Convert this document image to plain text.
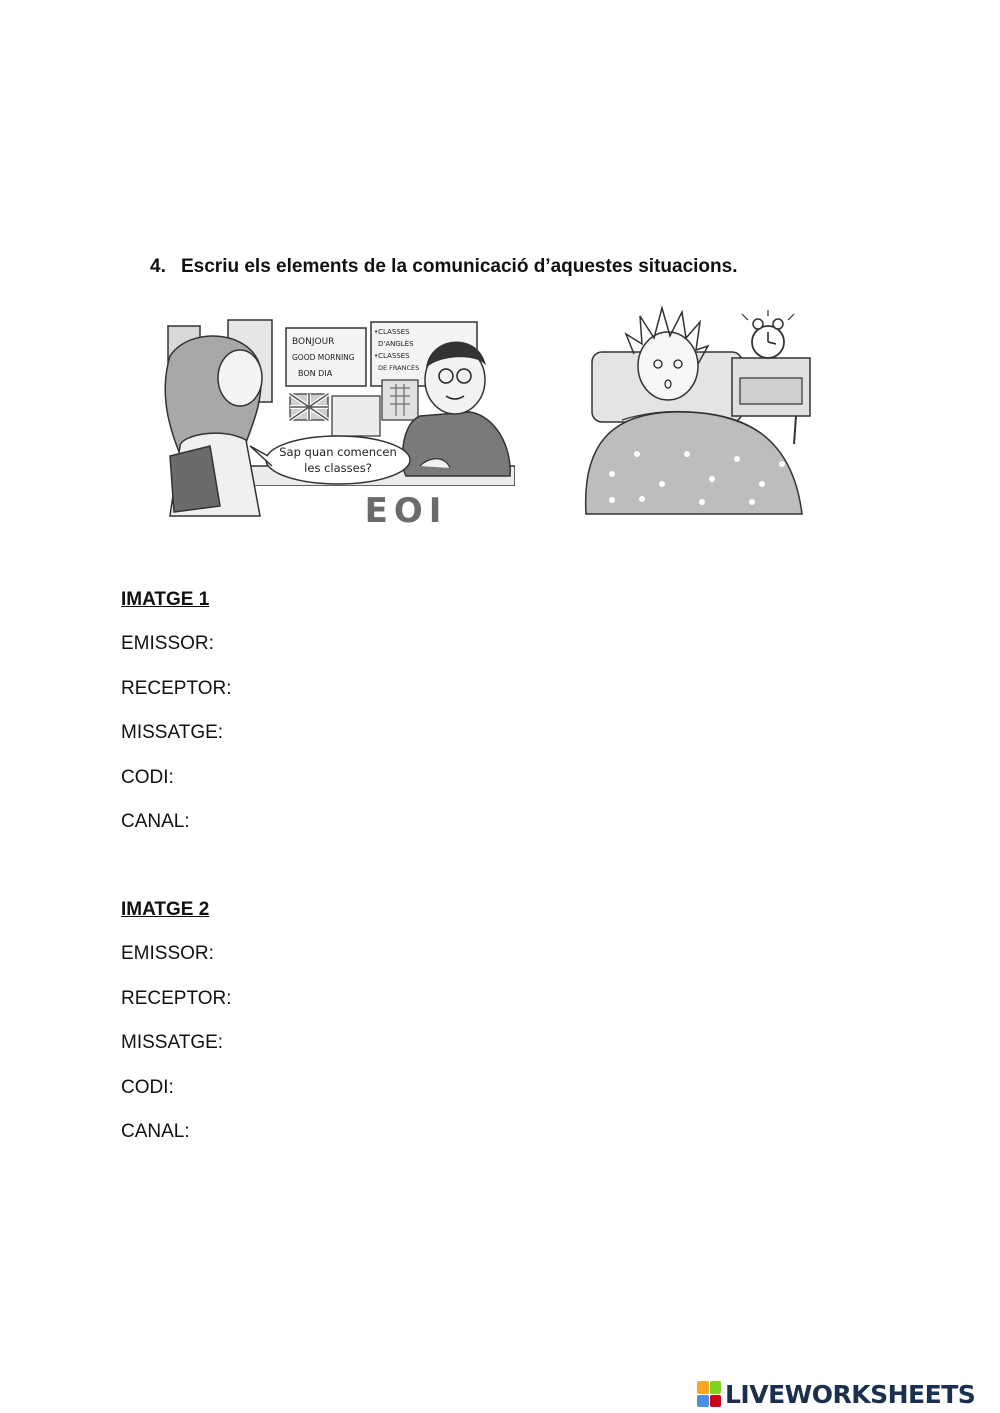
4. Escriu els elements de la comunicació d’aquestes situacions.
BONJOUR
GOOD MORNING
BON DIA
•CLASSES
D'ANGLÈS
•CLASSES
DE FRANCÈS
Sap quan comencen
les classes?
EOI
IMATGE 1
EMISSOR:
RECEPTOR:
MISSATGE:
CODI:
CANAL:
IMATGE 2
EMISSOR:
RECEPTOR:
MISSATGE:
CODI:
CANAL:
LIVEWORKSHEETS
